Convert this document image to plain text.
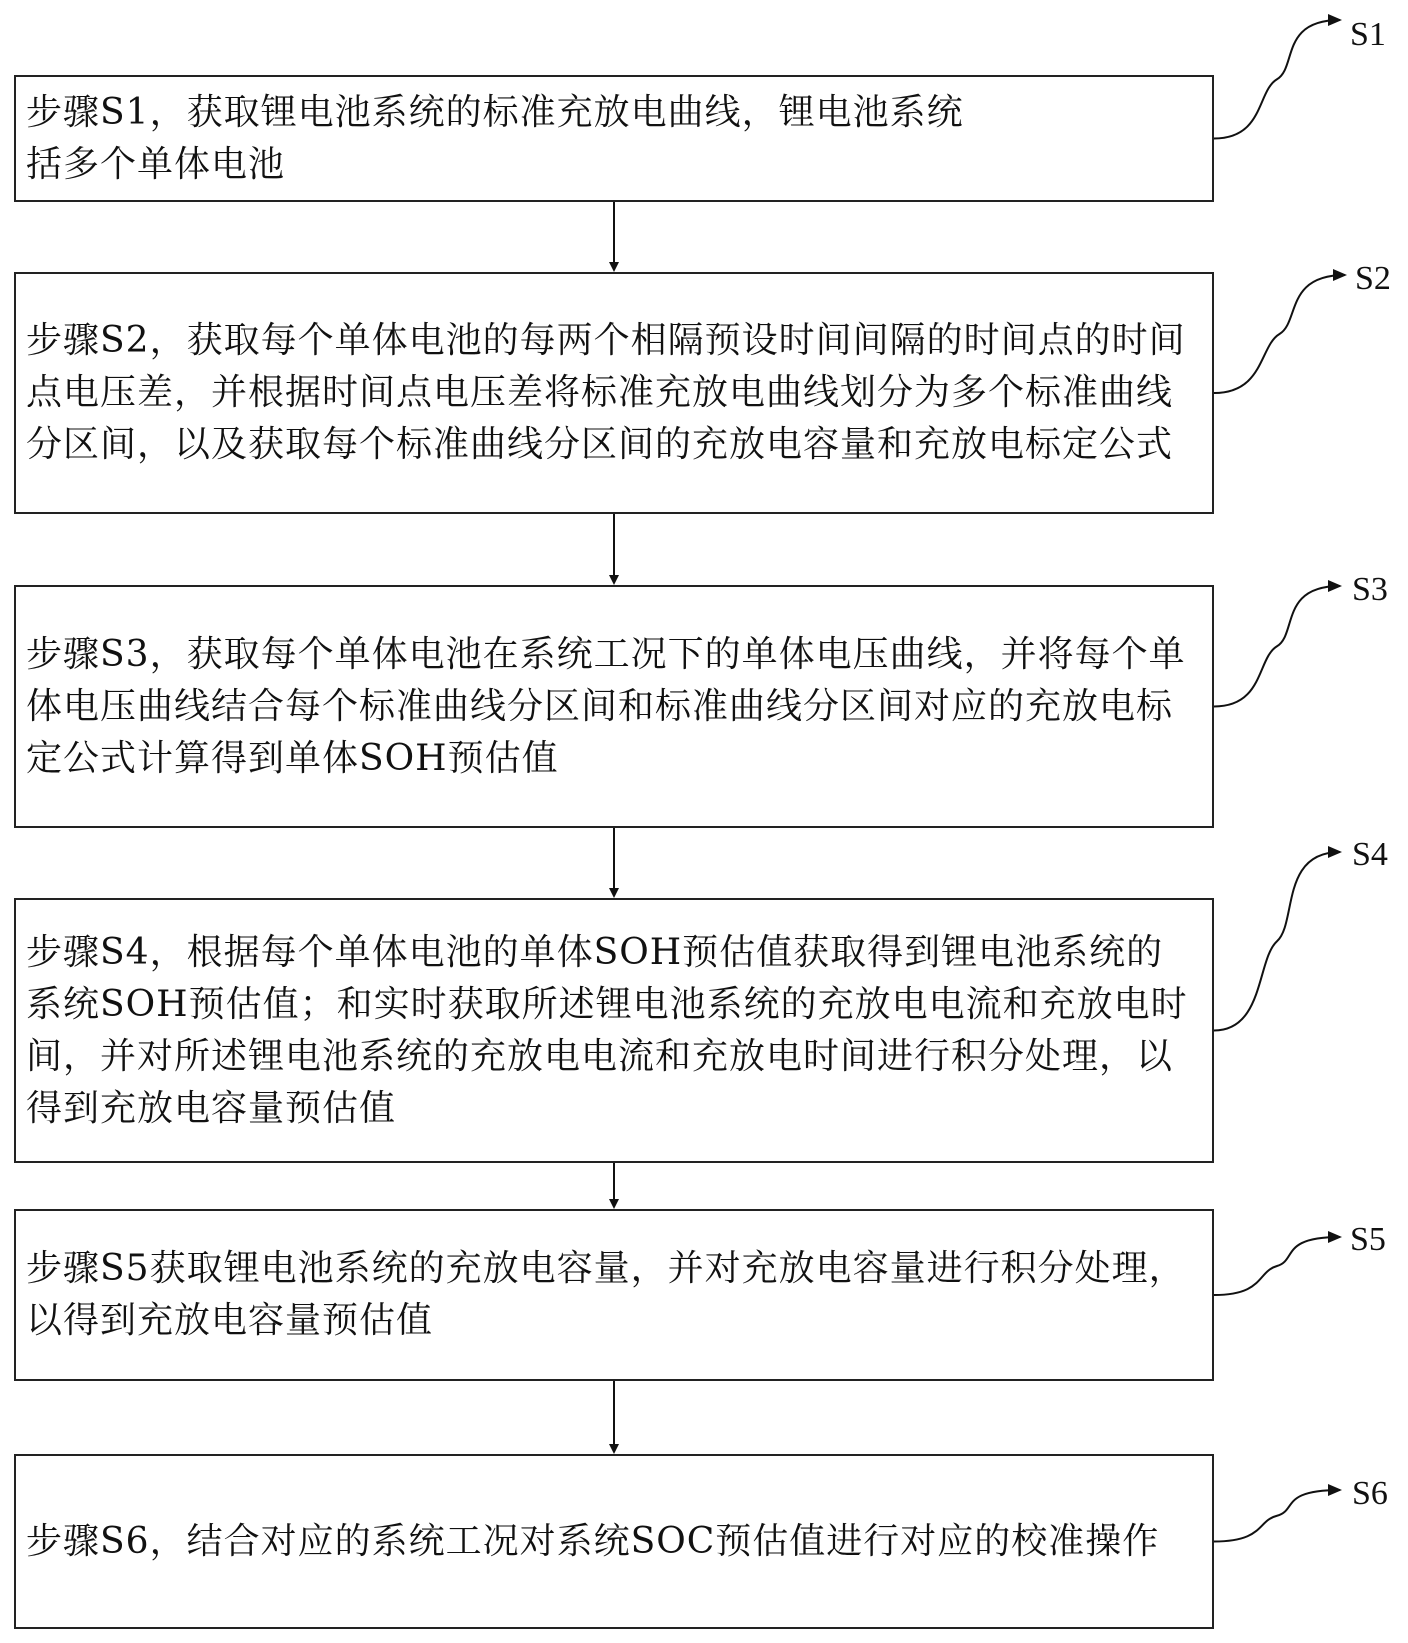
步骤S1，获取锂电池系统的标准充放电曲线，锂电池系统
括多个单体电池
步骤S2，获取每个单体电池的每两个相隔预设时间间隔的时间点的时间点电压差，并根据时间点电压差将标准充放电曲线划分为多个标准曲线分区间，以及获取每个标准曲线分区间的充放电容量和充放电标定公式
步骤S3，获取每个单体电池在系统工况下的单体电压曲线，并将每个单体电压曲线结合每个标准曲线分区间和标准曲线分区间对应的充放电标定公式计算得到单体SOH预估值
步骤S4，根据每个单体电池的单体SOH预估值获取得到锂电池系统的系统SOH预估值；和实时获取所述锂电池系统的充放电电流和充放电时间，并对所述锂电池系统的充放电电流和充放电时间进行积分处理，以得到充放电容量预估值
步骤S5获取锂电池系统的充放电容量，并对充放电容量进行积分处理，以得到充放电容量预估值
步骤S6，结合对应的系统工况对系统SOC预估值进行对应的校准操作
S1
S2
S3
S4
S5
S6
